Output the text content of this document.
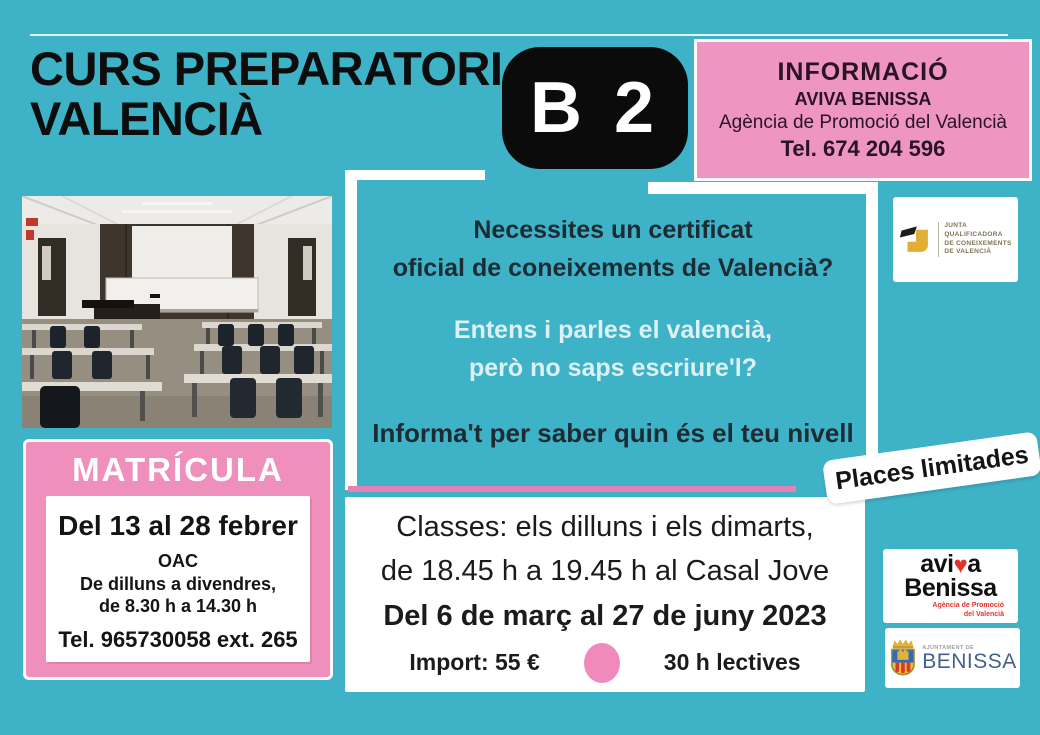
CURS PREPARATORI
VALENCIÀ	B 2	INFORMACIÓ
AVIVA BENISSA
Agència de Promoció del Valencià
Tel. 674 204 596
Necessites un certificat
oficial de coneixements de Valencià?
Entens i parles el valencià,
però no saps escriure'l?
Informa't per saber quin és el teu nivell
Classes: els dilluns i els dimarts,
de 18.45 h a 19.45 h al Casal Jove
Del 6 de març al 27 de juny 2023
Import: 55 €	30 h lectives
MATRÍCULA
Del 13 al 28 febrer
OAC
De dilluns a divendres,
de 8.30 h a 14.30 h
Tel. 965730058 ext. 265
JUNTA
QUALIFICADORA
DE CONEIXEMENTS
DE VALENCIÀ
Places limitades
avi♥a
Benissa
Agència de Promoció
del Valencià
AJUNTAMENT DE
BENISSA
